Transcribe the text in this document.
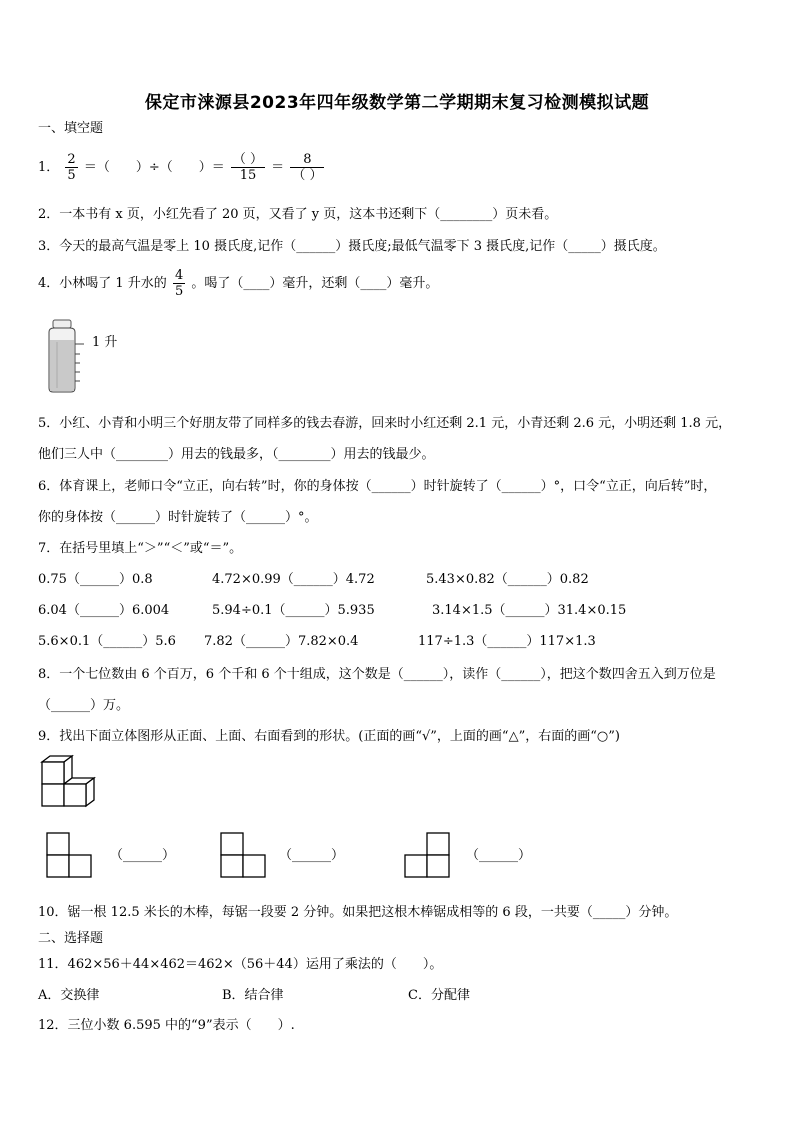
保定市涞源县2023年四年级数学第二学期期末复习检测模拟试题
一、填空题
1． $\frac{2}{5}$ ＝（　　）÷（　　）＝ $\frac{( )}{15} = \frac{8}{( )}$
2．一本书有 x 页，小红先看了 20 页，又看了 y 页，这本书还剩下（________）页未看。
3．今天的最高气温是零上 10 摄氏度,记作（______）摄氏度;最低气温零下 3 摄氏度,记作（_____）摄氏度。
4．小林喝了 1 升水的 $\frac{4}{5}$ 。喝了（____）毫升，还剩（____）毫升。
1 升
5．小红、小青和小明三个好朋友带了同样多的钱去春游，回来时小红还剩 2.1 元，小青还剩 2.6 元，小明还剩 1.8 元，
他们三人中（________）用去的钱最多，（________）用去的钱最少。
6．体育课上，老师口令“立正，向右转”时，你的身体按（______）时针旋转了（______）°，口令“立正，向后转”时，
你的身体按（______）时针旋转了（______）°。
7．在括号里填上“＞”“＜”或“＝”。
0.75（______）0.8	4.72×0.99（______）4.72	5.43×0.82（______）0.82
6.04（______）6.004	5.94÷0.1（______）5.935	3.14×1.5（______）31.4×0.15
5.6×0.1（______）5.6 7.82（______）7.82×0.4	117÷1.3（______）117×1.3
8．一个七位数由 6 个百万，6 个千和 6 个十组成，这个数是（______），读作（______），把这个数四舍五入到万位是
（______）万。
9．找出下面立体图形从正面、上面、右面看到的形状。(正面的画“√”，上面的画“△”，右面的画“○”)
（______）	（______）	（______）
10．锯一根 12.5 米长的木棒，每锯一段要 2 分钟。如果把这根木棒锯成相等的 6 段，一共要（_____）分钟。
二、选择题
11．462×56＋44×462＝462×（56＋44）运用了乘法的（　　）。
A．交换律	B．结合律	C．分配律
12．三位小数 6.595 中的“9”表示（　　）.
